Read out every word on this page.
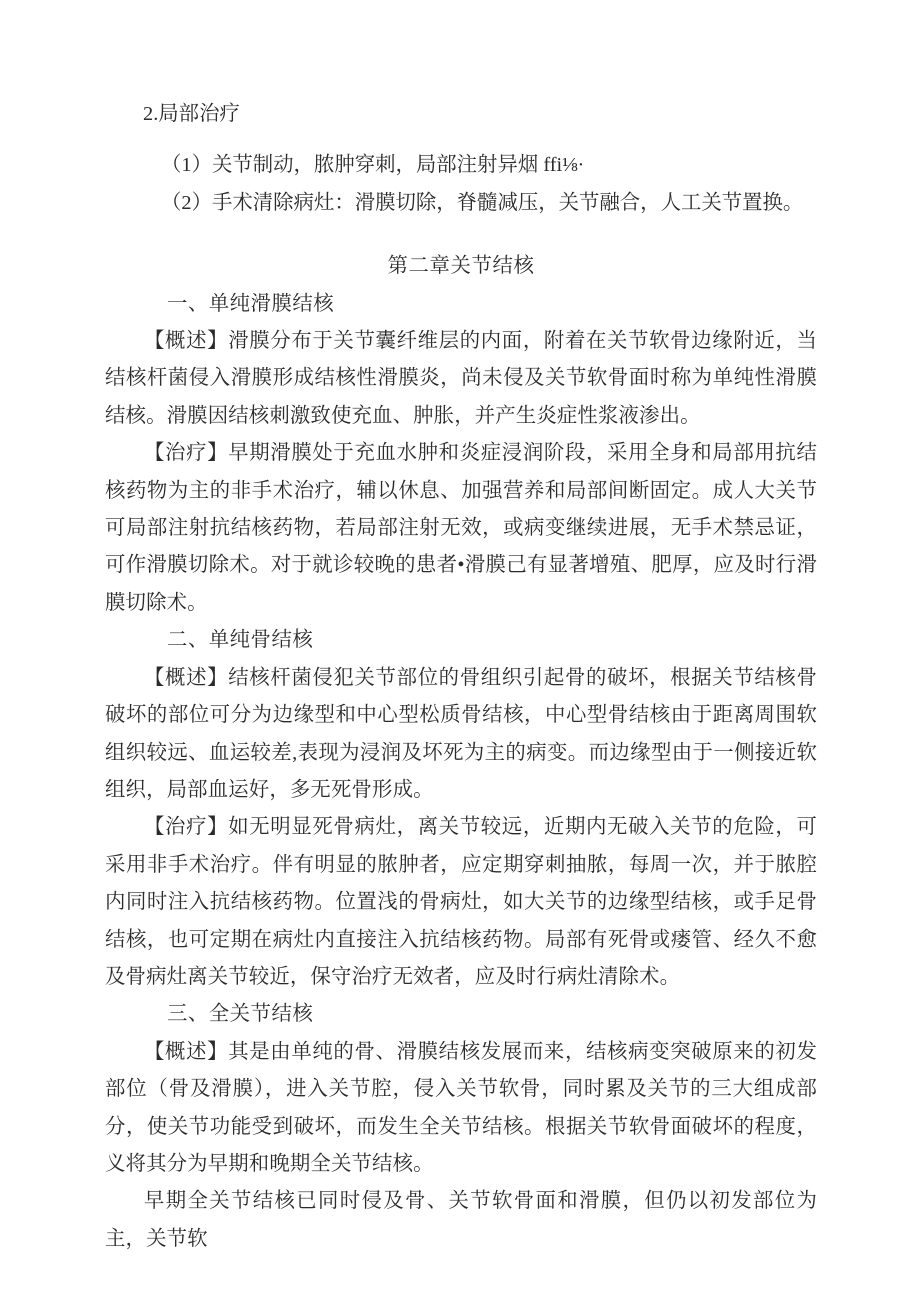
2.局部治疗

（1）关节制动，脓肿穿刺，局部注射异烟 ffi⅛·

（2）手术清除病灶：滑膜切除，脊髓减压，关节融合，人工关节置换。

第二章关节结核

一、单纯滑膜结核

【概述】滑膜分布于关节囊纤维层的内面，附着在关节软骨边缘附近，当结核杆菌侵入滑膜形成结核性滑膜炎，尚未侵及关节软骨面时称为单纯性滑膜结核。滑膜因结核刺激致使充血、肿胀，并产生炎症性浆液渗出。

【治疗】早期滑膜处于充血水肿和炎症浸润阶段，采用全身和局部用抗结核药物为主的非手术治疗，辅以休息、加强营养和局部间断固定。成人大关节可局部注射抗结核药物，若局部注射无效，或病变继续进展，无手术禁忌证，可作滑膜切除术。对于就诊较晚的患者•滑膜己有显著增殖、肥厚，应及时行滑膜切除术。

二、单纯骨结核

【概述】结核杆菌侵犯关节部位的骨组织引起骨的破坏，根据关节结核骨破坏的部位可分为边缘型和中心型松质骨结核，中心型骨结核由于距离周围软组织较远、血运较差,表现为浸润及坏死为主的病变。而边缘型由于一侧接近软组织，局部血运好，多无死骨形成。

【治疗】如无明显死骨病灶，离关节较远，近期内无破入关节的危险，可采用非手术治疗。伴有明显的脓肿者，应定期穿刺抽脓，每周一次，并于脓腔内同时注入抗结核药物。位置浅的骨病灶，如大关节的边缘型结核，或手足骨结核，也可定期在病灶内直接注入抗结核药物。局部有死骨或瘘管、经久不愈及骨病灶离关节较近，保守治疗无效者，应及时行病灶清除术。

三、全关节结核

【概述】其是由单纯的骨、滑膜结核发展而来，结核病变突破原来的初发部位（骨及滑膜），进入关节腔，侵入关节软骨，同时累及关节的三大组成部分，使关节功能受到破坏，而发生全关节结核。根据关节软骨面破坏的程度，义将其分为早期和晚期全关节结核。

早期全关节结核已同时侵及骨、关节软骨面和滑膜，但仍以初发部位为主，关节软
